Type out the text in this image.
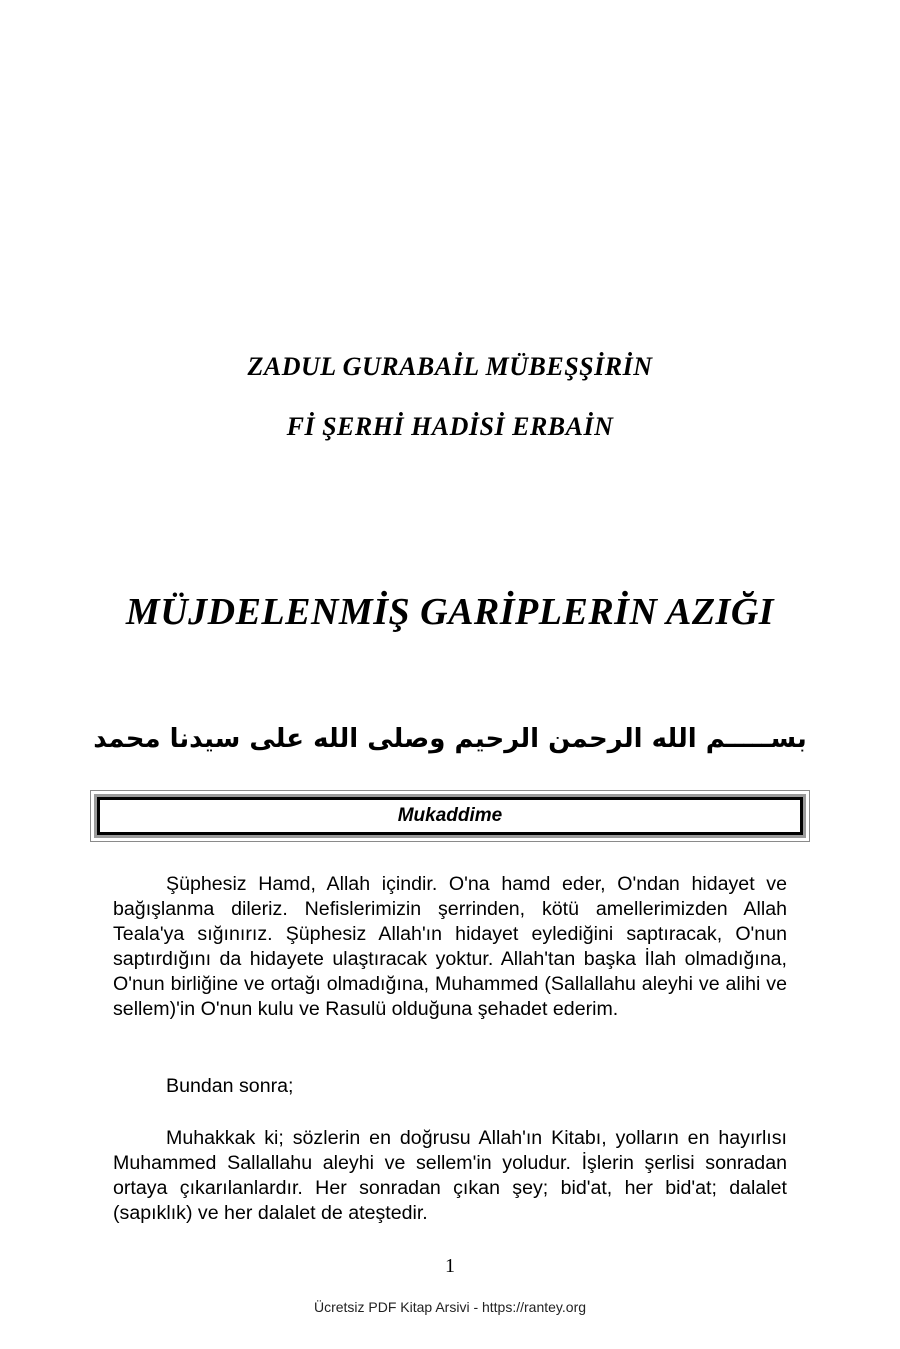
ZADUL GURABAİL MÜBEŞŞİRİN
Fİ ŞERHİ HADİSİ ERBAİN
MÜJDELENMİŞ GARİPLERİN AZIĞI

بســـــم الله الرحمن الرحيم وصلى الله على سيدنا محمد

Mukaddime

Şüphesiz Hamd, Allah içindir. O'na hamd eder, O'ndan hidayet ve bağışlanma dileriz. Nefislerimizin şerrinden, kötü amellerimizden Allah Teala'ya sığınırız. Şüphesiz Allah'ın hidayet eylediğini saptıracak, O'nun saptırdığını da hidayete ulaştıracak yoktur. Allah'tan başka İlah olmadığına, O'nun birliğine ve ortağı olmadığına, Muhammed (Sallallahu aleyhi ve alihi ve sellem)'in O'nun kulu ve Rasulü olduğuna şehadet ederim.

Bundan sonra;

Muhakkak ki; sözlerin en doğrusu Allah'ın Kitabı, yolların en hayırlısı Muhammed Sallallahu aleyhi ve sellem'in yoludur. İşlerin şerlisi sonradan ortaya çıkarılanlardır. Her sonradan çıkan şey; bid'at, her bid'at; dalalet (sapıklık) ve her dalalet de ateştedir.

1

Ücretsiz PDF Kitap Arsivi - https://rantey.org
